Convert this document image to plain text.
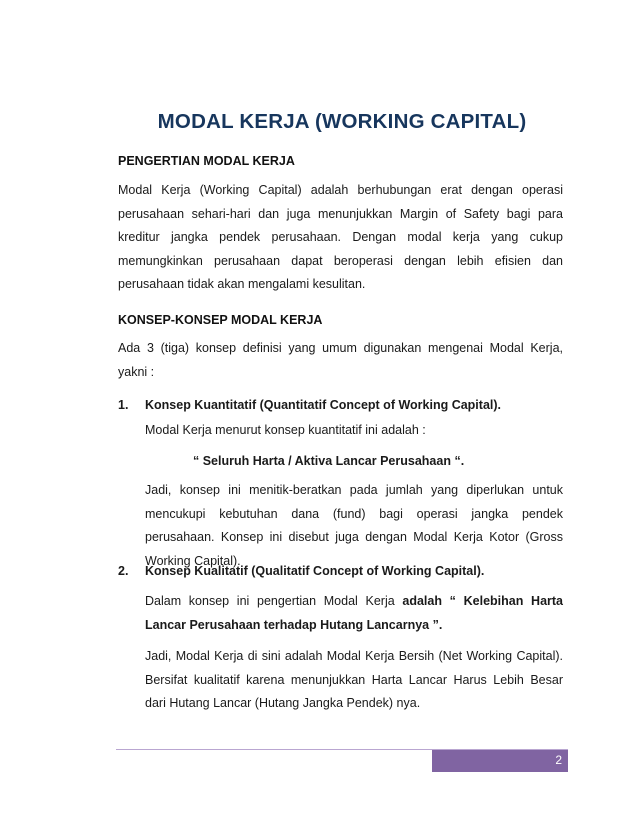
MODAL KERJA (WORKING CAPITAL)
PENGERTIAN MODAL KERJA

Modal Kerja (Working Capital) adalah berhubungan erat dengan operasi perusahaan sehari-hari dan juga menunjukkan Margin of Safety bagi para kreditur jangka pendek perusahaan. Dengan modal kerja yang cukup memungkinkan perusahaan dapat beroperasi dengan lebih efisien dan perusahaan tidak akan mengalami kesulitan.

KONSEP-KONSEP MODAL KERJA

Ada 3 (tiga) konsep definisi yang umum digunakan mengenai Modal Kerja, yakni :

1. Konsep Kuantitatif (Quantitatif Concept of Working Capital).

Modal Kerja menurut konsep kuantitatif ini adalah :

“ Seluruh Harta / Aktiva Lancar Perusahaan “.

Jadi, konsep ini menitik-beratkan pada jumlah yang diperlukan untuk mencukupi kebutuhan dana (fund) bagi operasi jangka pendek perusahaan. Konsep ini disebut juga dengan Modal Kerja Kotor (Gross Working Capital).

2. Konsep Kualitatif (Qualitatif Concept of Working Capital).

Dalam konsep ini pengertian Modal Kerja adalah “ Kelebihan Harta Lancar Perusahaan terhadap Hutang Lancarnya ”.

Jadi, Modal Kerja di sini adalah Modal Kerja Bersih (Net Working Capital). Bersifat kualitatif karena menunjukkan Harta Lancar Harus Lebih Besar dari Hutang Lancar (Hutang Jangka Pendek) nya.

2
